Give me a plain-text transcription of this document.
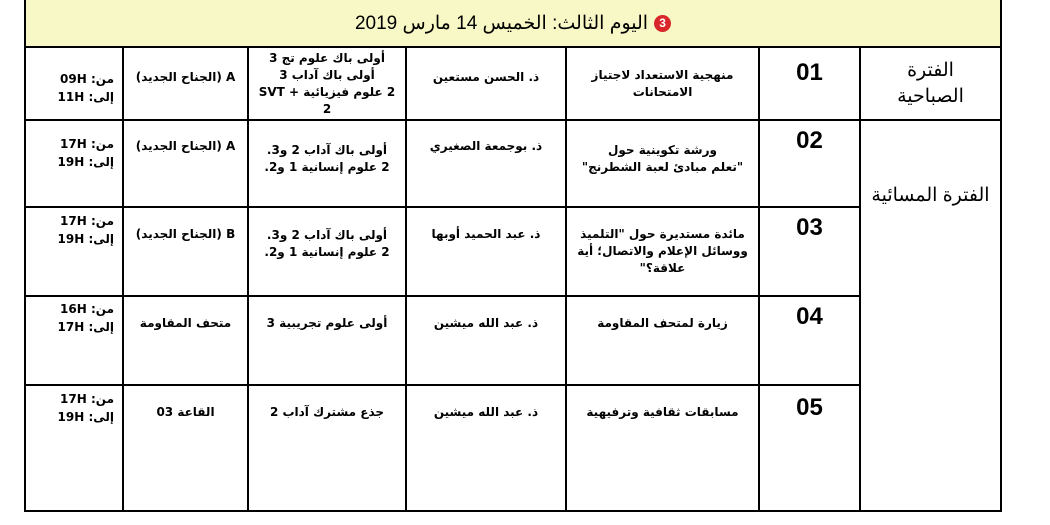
3
اليوم الثالث: الخميس 14 مارس 2019
الفترة
الصباحية
الفترة المسائية
01
منهجية الاستعداد لاجتياز
الامتحانات
ذ. الحسن مستعين
أولى باك علوم تج 3
أولى باك آداب 3
2 علوم فيزيائية + SVT 2
A (الجناح الجديد)
من: 09H
إلى: 11H
02
ورشة تكوينية حول
"تعلم مبادئ لعبة الشطرنج"
ذ. بوجمعة الصغيري
أولى باك آداب 2 و3.
2 علوم إنسانية 1 و2.
A (الجناح الجديد)
من: 17H
إلى: 19H
03
مائدة مستديرة حول "التلميذ
ووسائل الإعلام والاتصال؛ أية
علاقة؟"
ذ. عبد الحميد أوبها
أولى باك آداب 2 و3.
2 علوم إنسانية 1 و2.
B (الجناح الجديد)
من: 17H
إلى: 19H
04
زيارة لمتحف المقاومة
ذ. عبد الله ميشين
أولى علوم تجريبية 3
متحف المقاومة
من: 16H
إلى: 17H
05
مسابقات ثقافية وترفيهية
ذ. عبد الله ميشين
جذع مشترك آداب 2
القاعة 03
من: 17H
إلى: 19H
